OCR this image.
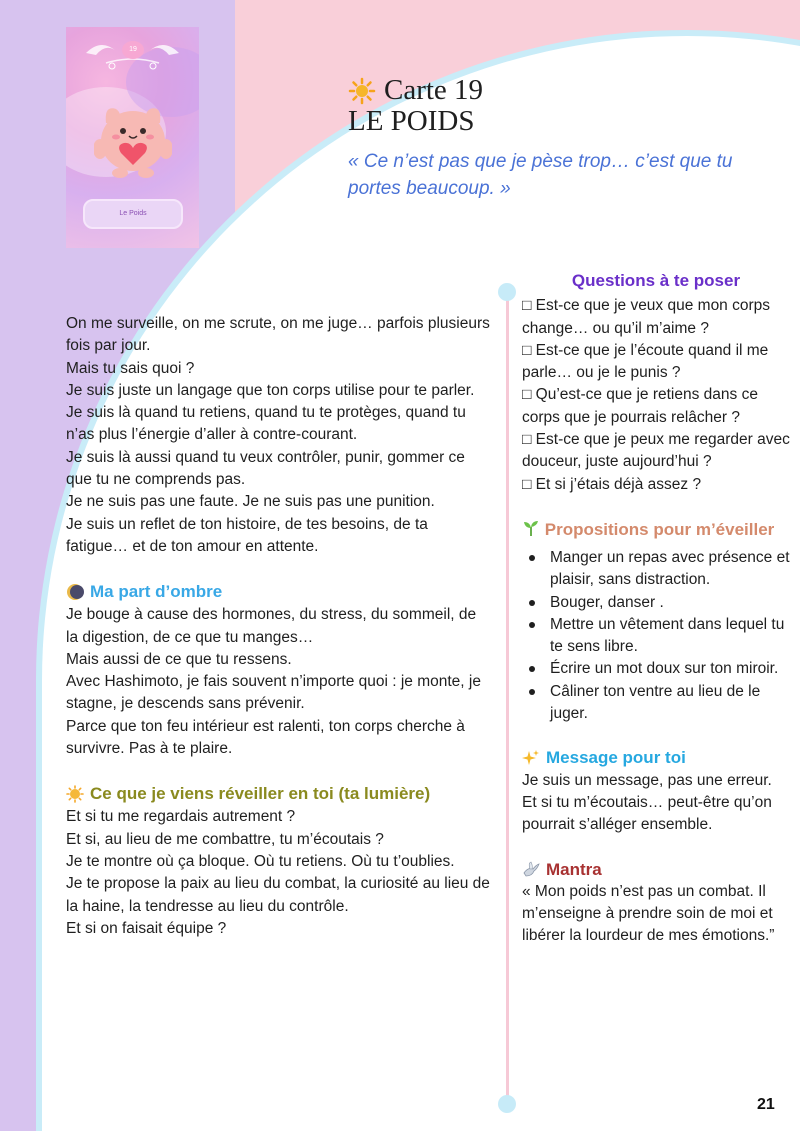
19
Le Poids
Carte 19
LE POIDS
« Ce n’est pas que je pèse trop… c’est que tu portes beaucoup. »

On me surveille, on me scrute, on me juge… parfois plusieurs fois par jour.

Mais tu sais quoi ?

Je suis juste un langage que ton corps utilise pour te parler.

Je suis là quand tu retiens, quand tu te protèges, quand tu n’as plus l’énergie d’aller à contre-courant.

Je suis là aussi quand tu veux contrôler, punir, gommer ce que tu ne comprends pas.

Je ne suis pas une faute. Je ne suis pas une punition.

Je suis un reflet de ton histoire, de tes besoins, de ta fatigue… et de ton amour en attente.

Ma part d’ombre

Je bouge à cause des hormones, du stress, du sommeil, de la digestion, de ce que tu manges…

Mais aussi de ce que tu ressens.

Avec Hashimoto, je fais souvent n’importe quoi : je monte, je stagne, je descends sans prévenir.

Parce que ton feu intérieur est ralenti, ton corps cherche à survivre. Pas à te plaire.

Ce que je viens réveiller en toi (ta lumière)

Et si tu me regardais autrement ?

Et si, au lieu de me combattre, tu m’écoutais ?

Je te montre où ça bloque. Où tu retiens. Où tu t’oublies.

Je te propose la paix au lieu du combat, la curiosité au lieu de la haine, la tendresse au lieu du contrôle.

Et si on faisait équipe ?

Questions à te poser

□ Est-ce que je veux que mon corps change… ou qu’il m’aime ?

□ Est-ce que je l’écoute quand il me parle… ou je le punis ?

□ Qu’est-ce que je retiens dans ce corps que je pourrais relâcher ?

□ Est-ce que je peux me regarder avec douceur, juste aujourd’hui ?

□ Et si j’étais déjà assez ?

Propositions pour m’éveiller
Manger un repas avec présence et plaisir, sans distraction.
Bouger, danser .
Mettre un vêtement dans lequel tu te sens libre.
Écrire un mot doux sur ton miroir.
Câliner ton ventre au lieu de le juger.
Message pour toi

Je suis un message, pas une erreur.

Et si tu m’écoutais… peut-être qu’on pourrait s’alléger ensemble.

Mantra

« Mon poids n’est pas un combat. Il m’enseigne à prendre soin de moi et libérer la lourdeur de mes émotions.”

21
